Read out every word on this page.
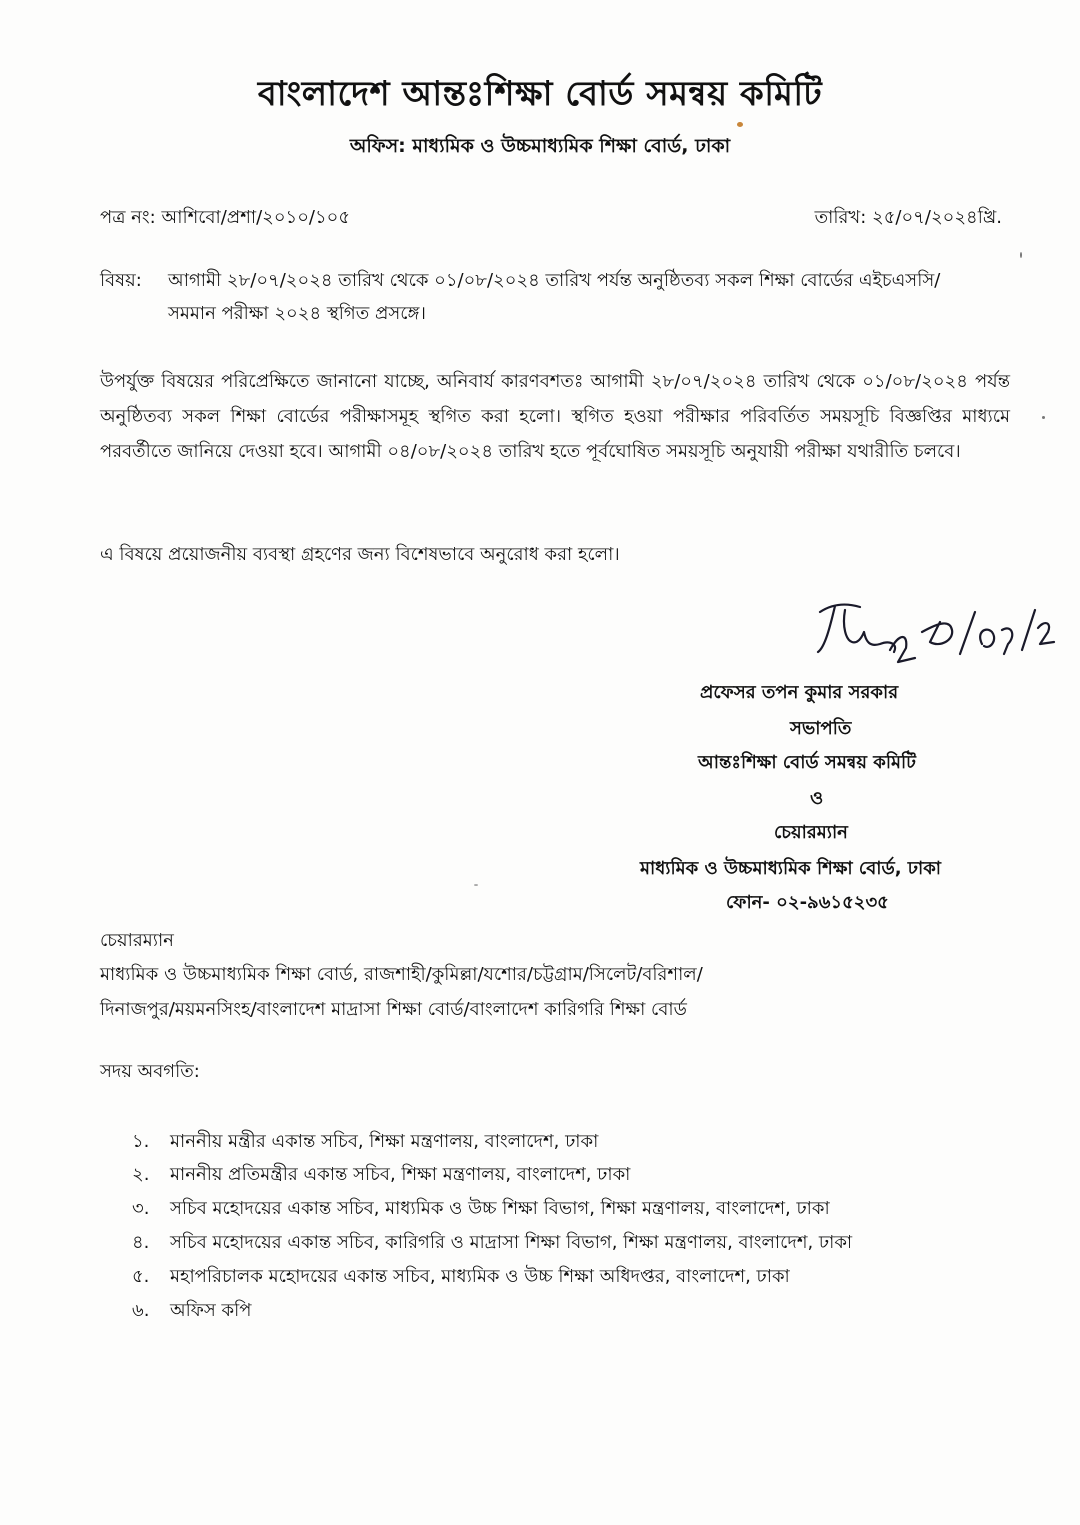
বাংলাদেশ আন্তঃশিক্ষা বোর্ড সমন্বয় কমিটি
অফিস: মাধ্যমিক ও উচ্চমাধ্যমিক শিক্ষা বোর্ড, ঢাকা
পত্র নং: আশিবো/প্রশা/২০১০/১০৫	তারিখ: ২৫/০৭/২০২৪খ্রি.
বিষয়: আগামী ২৮/০৭/২০২৪ তারিখ থেকে ০১/০৮/২০২৪ তারিখ পর্যন্ত অনুষ্ঠিতব্য সকল শিক্ষা বোর্ডের এইচএসসি/
সমমান পরীক্ষা ২০২৪ স্থগিত প্রসঙ্গে।
উপর্যুক্ত বিষয়ের পরিপ্রেক্ষিতে জানানো যাচ্ছে, অনিবার্য কারণবশতঃ আগামী ২৮/০৭/২০২৪ তারিখ থেকে ০১/০৮/২০২৪ পর্যন্ত অনুষ্ঠিতব্য সকল শিক্ষা বোর্ডের পরীক্ষাসমূহ স্থগিত করা হলো। স্থগিত হওয়া পরীক্ষার পরিবর্তিত সময়সূচি বিজ্ঞপ্তির মাধ্যমে পরবর্তীতে জানিয়ে দেওয়া হবে। আগামী ০৪/০৮/২০২৪ তারিখ হতে পূর্বঘোষিত সময়সূচি অনুযায়ী পরীক্ষা যথারীতি চলবে।
এ বিষয়ে প্রয়োজনীয় ব্যবস্থা গ্রহণের জন্য বিশেষভাবে অনুরোধ করা হলো।
প্রফেসর তপন কুমার সরকার
সভাপতি
আন্তঃশিক্ষা বোর্ড সমন্বয় কমিটি
ও
চেয়ারম্যান
মাধ্যমিক ও উচ্চমাধ্যমিক শিক্ষা বোর্ড, ঢাকা
ফোন- ০২-৯৬১৫২৩৫
চেয়ারম্যান
মাধ্যমিক ও উচ্চমাধ্যমিক শিক্ষা বোর্ড, রাজশাহী/কুমিল্লা/যশোর/চট্টগ্রাম/সিলেট/বরিশাল/
দিনাজপুর/ময়মনসিংহ/বাংলাদেশ মাদ্রাসা শিক্ষা বোর্ড/বাংলাদেশ কারিগরি শিক্ষা বোর্ড
সদয় অবগতি:
১. মাননীয় মন্ত্রীর একান্ত সচিব, শিক্ষা মন্ত্রণালয়, বাংলাদেশ, ঢাকা
২. মাননীয় প্রতিমন্ত্রীর একান্ত সচিব, শিক্ষা মন্ত্রণালয়, বাংলাদেশ, ঢাকা
৩. সচিব মহোদয়ের একান্ত সচিব, মাধ্যমিক ও উচ্চ শিক্ষা বিভাগ, শিক্ষা মন্ত্রণালয়, বাংলাদেশ, ঢাকা
৪. সচিব মহোদয়ের একান্ত সচিব, কারিগরি ও মাদ্রাসা শিক্ষা বিভাগ, শিক্ষা মন্ত্রণালয়, বাংলাদেশ, ঢাকা
৫. মহাপরিচালক মহোদয়ের একান্ত সচিব, মাধ্যমিক ও উচ্চ শিক্ষা অধিদপ্তর, বাংলাদেশ, ঢাকা
৬. অফিস কপি
